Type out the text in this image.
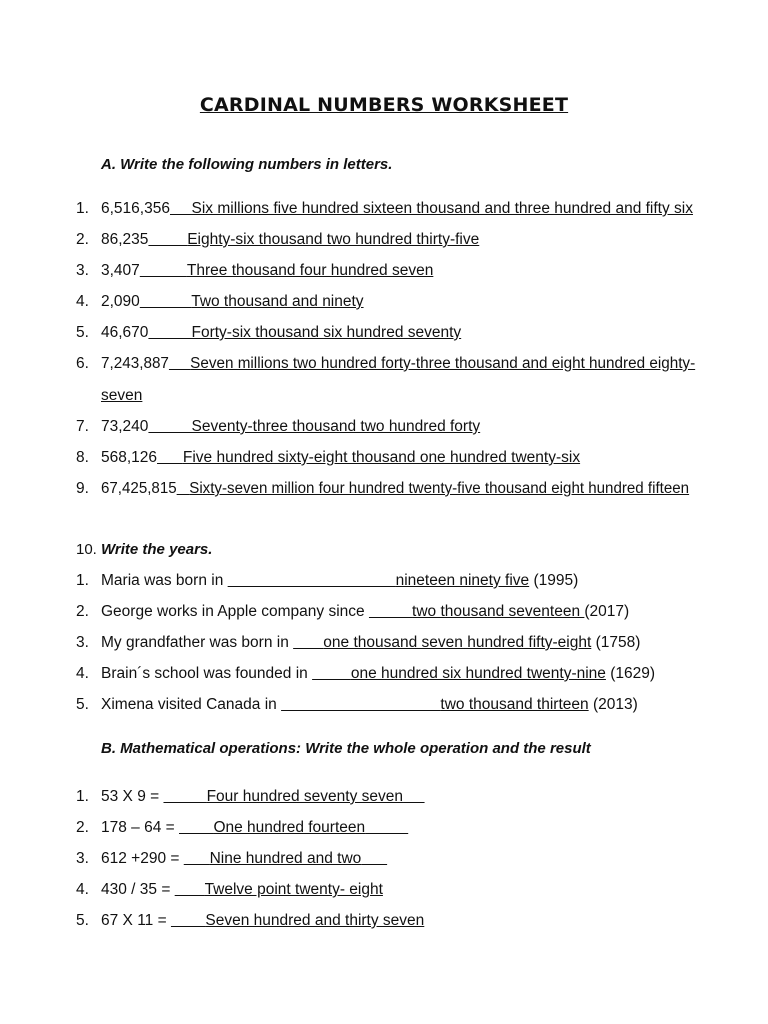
CARDINAL NUMBERS WORKSHEET
A. Write the following numbers in letters.
1. 6,516,356 Six millions five hundred sixteen thousand and three hundred and fifty six
2. 86,235	Eighty-six thousand two hundred thirty-five
3. 3,407	Three thousand four hundred seven
4. 2,090	Two thousand and ninety
5. 46,670	Forty-six thousand six hundred seventy
6. 7,243,887 Seven millions two hundred forty-three thousand and eight hundred eighty-
seven
7. 73,240	Seventy-three thousand two hundred forty
8. 568,126 Five hundred sixty-eight thousand one hundred twenty-six
9. 67,425,815 Sixty-seven million four hundred twenty-five thousand eight hundred fifteen
10. Write the years.
1. Maria was born in	nineteen ninety five (1995)
2. George works in Apple company since	two thousand seventeen (2017)
3. My grandfather was born in        one thousand seven hundred fifty-eight (1758)
4. Brain´s school was founded in	one hundred six hundred twenty-nine (1629)
5. Ximena visited Canada in	two thousand thirteen (2013)
B. Mathematical operations: Write the whole operation and the result
1. 53 X 9 =	Four hundred seventy seven
2. 178 – 64 =         One hundred fourteen
3. 612 +290 =       Nine hundred and two
4. 430 / 35 =        Twelve point twenty- eight
5. 67 X 11 =         Seven hundred and thirty seven
